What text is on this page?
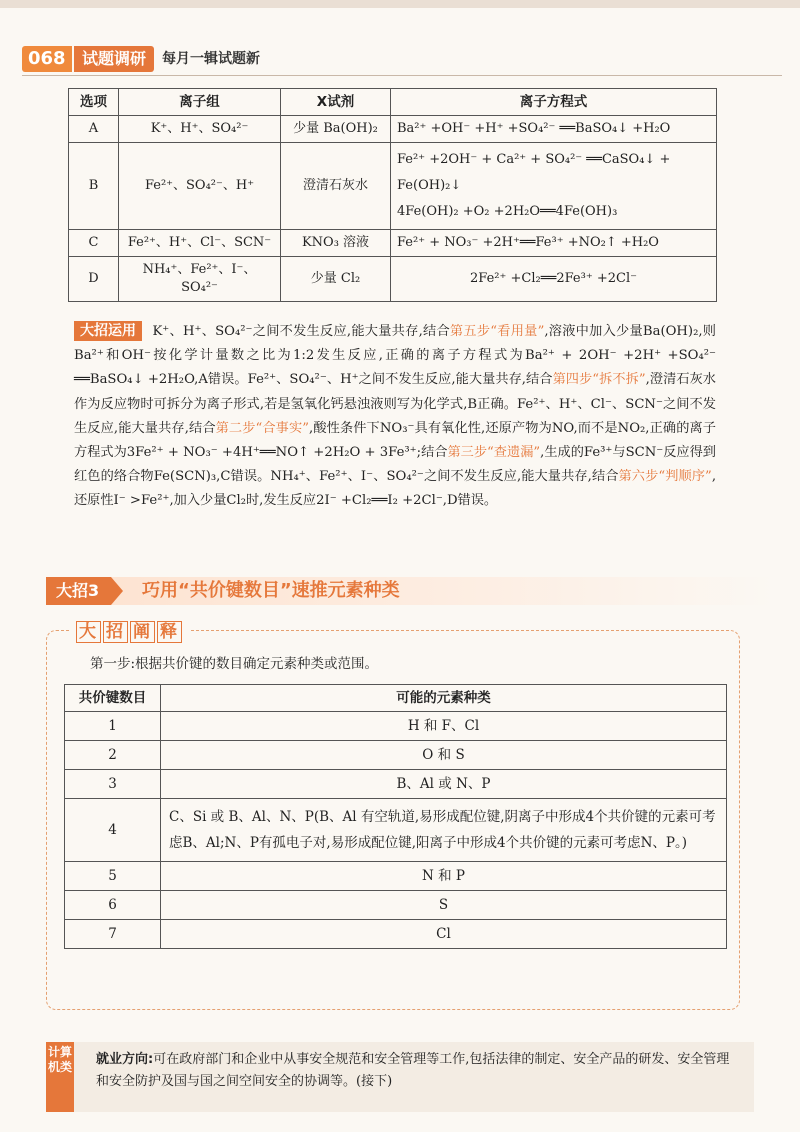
068	试题调研	每月一辑试题新
选项	离子组	X试剂	离子方程式
A	K⁺、H⁺、SO₄²⁻	少量 Ba(OH)₂	Ba²⁺ +OH⁻ +H⁺ +SO₄²⁻ ══BaSO₄↓ +H₂O

B	Fe²⁺、SO₄²⁻、H⁺	澄清石灰水	Fe²⁺ +2OH⁻ + Ca²⁺ + SO₄²⁻ ══CaSO₄↓ +
Fe(OH)₂↓
4Fe(OH)₂ +O₂ +2H₂O══4Fe(OH)₃

C	Fe²⁺、H⁺、Cl⁻、SCN⁻	KNO₃ 溶液	Fe²⁺ + NO₃⁻ +2H⁺══Fe³⁺ +NO₂↑ +H₂O

D	NH₄⁺、Fe²⁺、I⁻、SO₄²⁻	少量 Cl₂	2Fe²⁺ +Cl₂══2Fe³⁺ +2Cl⁻
大招运用 K⁺、H⁺、SO₄²⁻之间不发生反应,能大量共存,结合第五步“看用量”,溶液中加入少量Ba(OH)₂,则Ba²⁺和OH⁻按化学计量数之比为1:2发生反应,正确的离子方程式为Ba²⁺ + 2OH⁻ +2H⁺ +SO₄²⁻ ══BaSO₄↓ +2H₂O,A错误。Fe²⁺、SO₄²⁻、H⁺之间不发生反应,能大量共存,结合第四步“拆不拆”,澄清石灰水作为反应物时可拆分为离子形式,若是氢氧化钙悬浊液则写为化学式,B正确。Fe²⁺、H⁺、Cl⁻、SCN⁻之间不发生反应,能大量共存,结合第二步“合事实”,酸性条件下NO₃⁻具有氧化性,还原产物为NO,而不是NO₂,正确的离子方程式为3Fe²⁺ + NO₃⁻ +4H⁺══NO↑ +2H₂O + 3Fe³⁺;结合第三步“查遗漏”,生成的Fe³⁺与SCN⁻反应得到红色的络合物Fe(SCN)₃,C错误。NH₄⁺、Fe²⁺、I⁻、SO₄²⁻之间不发生反应,能大量共存,结合第六步“判顺序”,还原性I⁻ >Fe²⁺,加入少量Cl₂时,发生反应2I⁻ +Cl₂══I₂ +2Cl⁻,D错误。
大招3	巧用“共价键数目”速推元素种类
大 招 阐 释
第一步:根据共价键的数目确定元素种类或范围。
共价键数目	可能的元素种类
1	H 和 F、Cl
2	O 和 S
3	B、Al 或 N、P
4	C、Si 或 B、Al、N、P(B、Al 有空轨道,易形成配位键,阴离子中形成4个共价键的元素可考虑B、Al;N、P有孤电子对,易形成配位键,阳离子中形成4个共价键的元素可考虑N、P。)
5	N 和 P
6	S
7	Cl
计算机类 就业方向:可在政府部门和企业中从事安全规范和安全管理等工作,包括法律的制定、安全产品的研发、安全管理和安全防护及国与国之间空间安全的协调等。(接下)
